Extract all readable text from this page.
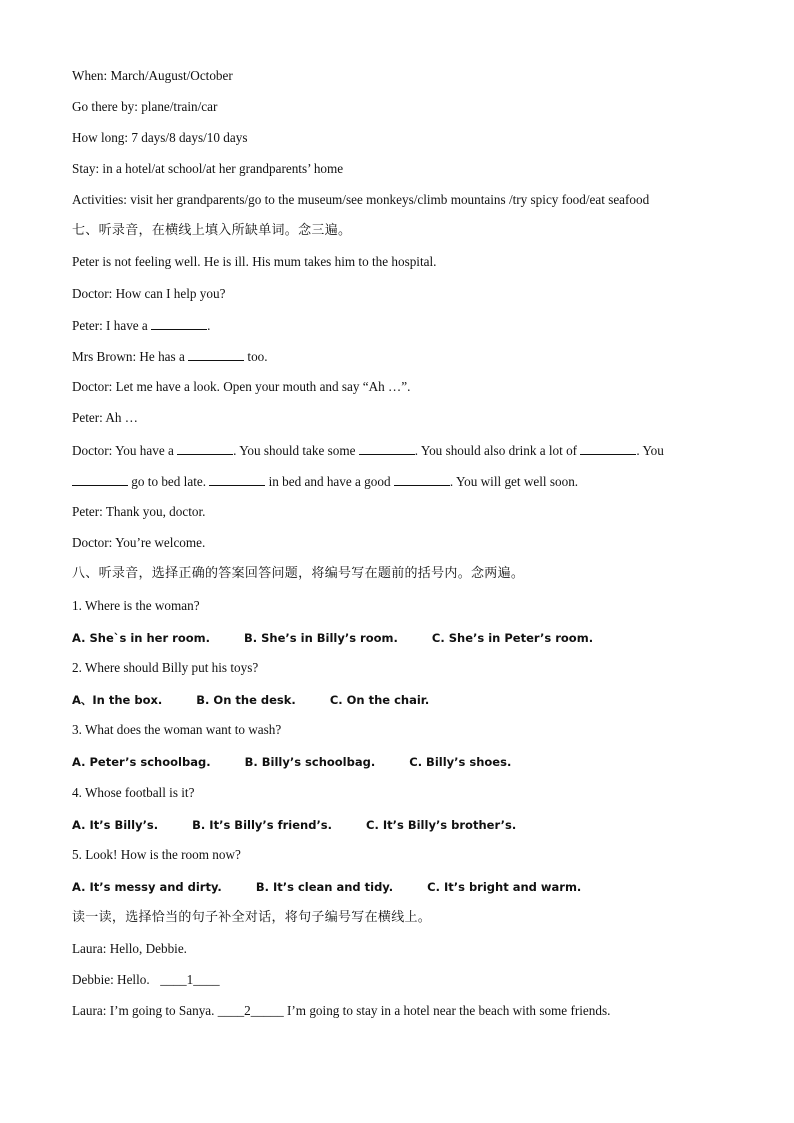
When: March/August/October
Go there by: plane/train/car
How long: 7 days/8 days/10 days
Stay: in a hotel/at school/at her grandparents’ home
Activities: visit her grandparents/go to the museum/see monkeys/climb mountains /try spicy food/eat seafood
七、听录音，在横线上填入所缺单词。念三遍。
Peter is not feeling well. He is ill. His mum takes him to the hospital.
Doctor: How can I help you?
Peter: I have a	.
Mrs Brown: He has a	too.
Doctor: Let me have a look. Open your mouth and say “Ah …”.
Peter: Ah …
Doctor: You have a	. You should take some	. You should also drink a lot of	. You
go to bed late.	in bed and have a good	. You will get well soon.
Peter: Thank you, doctor.
Doctor: You’re welcome.
八、听录音，选择正确的答案回答问题，将编号写在题前的括号内。念两遍。
1. Where is the woman?
A. She`s in her room.	B. She’s in Billy’s room.	C. She’s in Peter’s room.
2. Where should Billy put his toys?
A、In the box.	B. On the desk.	C. On the chair.
3. What does the woman want to wash?
A. Peter’s schoolbag.	B. Billy’s schoolbag.	C. Billy’s shoes.
4. Whose football is it?
A. It’s Billy’s.	B. It’s Billy’s friend’s.	C. It’s Billy’s brother’s.
5. Look! How is the room now?
A. It’s messy and dirty.	B. It’s clean and tidy.	C. It’s bright and warm.
读一读，选择恰当的句子补全对话，将句子编号写在横线上。
Laura: Hello, Debbie.
Debbie: Hello. ____1____
Laura: I’m going to Sanya. ____2_____ I’m going to stay in a hotel near the beach with some friends.
